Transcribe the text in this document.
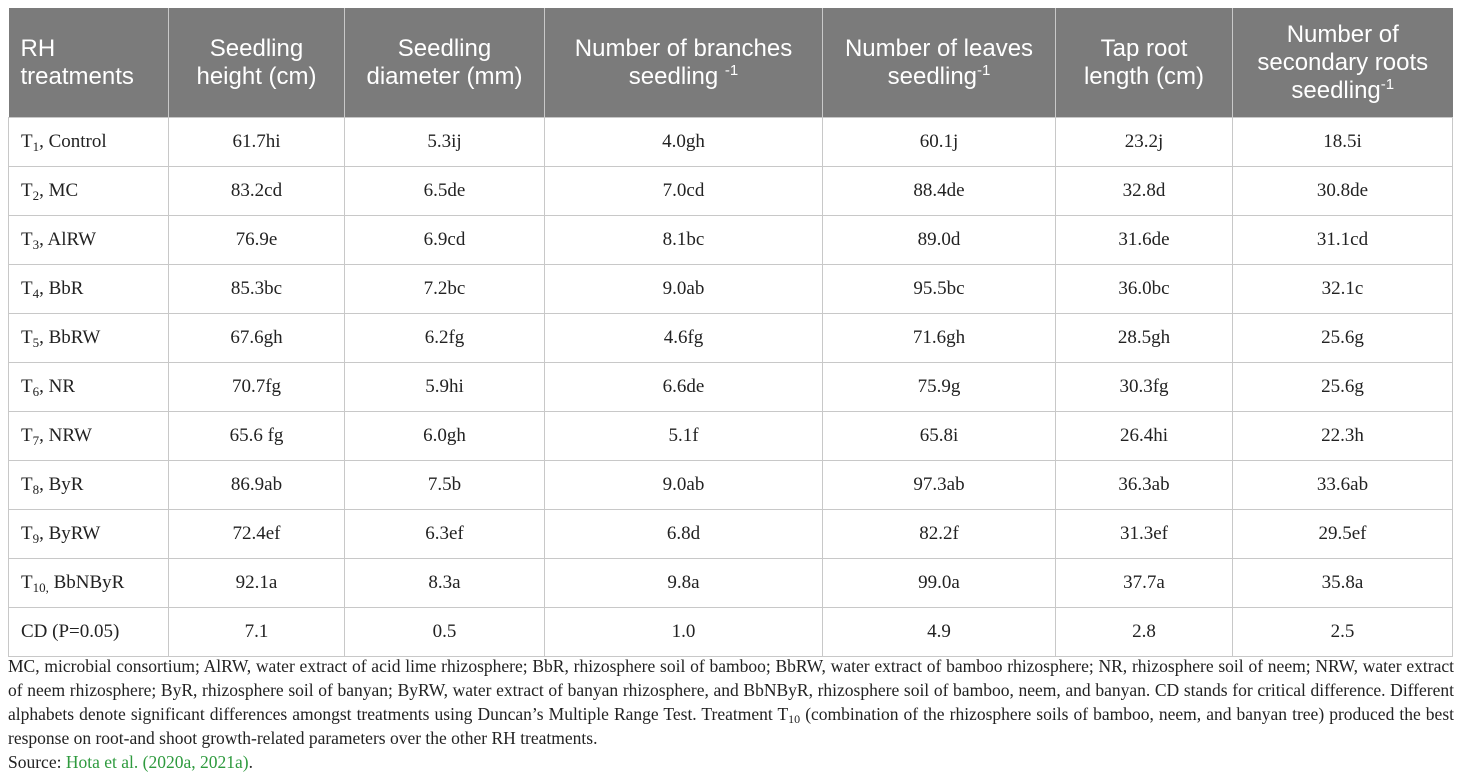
RH treatments	Seedling height (cm)	Seedling diameter (mm)	Number of branches seedling $^{-1}$	Number of leaves seedling$^{-1}$	Tap root length (cm)	Number of secondary roots seedling$^{-1}$
$T_1$, Control	61.7hi	5.3ij	4.0gh	60.1j	23.2j	18.5i
$T_2$, MC	83.2cd	6.5de	7.0cd	88.4de	32.8d	30.8de
$T_3$, AlRW	76.9e	6.9cd	8.1bc	89.0d	31.6de	31.1cd
$T_4$, BbR	85.3bc	7.2bc	9.0ab	95.5bc	36.0bc	32.1c
$T_5$, BbRW	67.6gh	6.2fg	4.6fg	71.6gh	28.5gh	25.6g
$T_6$, NR	70.7fg	5.9hi	6.6de	75.9g	30.3fg	25.6g
$T_7$, NRW	65.6 fg	6.0gh	5.1f	65.8i	26.4hi	22.3h
$T_8$, ByR	86.9ab	7.5b	9.0ab	97.3ab	36.3ab	33.6ab
$T_9$, ByRW	72.4ef	6.3ef	6.8d	82.2f	31.3ef	29.5ef
$T_{10,}$ BbNByR	92.1a	8.3a	9.8a	99.0a	37.7a	35.8a
CD (P=0.05)	7.1	0.5	1.0	4.9	2.8	2.5
MC, microbial consortium; AlRW, water extract of acid lime rhizosphere; BbR, rhizosphere soil of bamboo; BbRW, water extract of bamboo rhizosphere; NR, rhizosphere soil of neem; NRW, water extract of neem rhizosphere; ByR, rhizosphere soil of banyan; ByRW, water extract of banyan rhizosphere, and BbNByR, rhizosphere soil of bamboo, neem, and banyan. CD stands for critical difference. Different alphabets denote significant differences amongst treatments using Duncan’s Multiple Range Test. Treatment $T_{10}$ (combination of the rhizosphere soils of bamboo, neem, and banyan tree) produced the best response on root-and shoot growth-related parameters over the other RH treatments.
Source: Hota et al. (2020a, 2021a).
